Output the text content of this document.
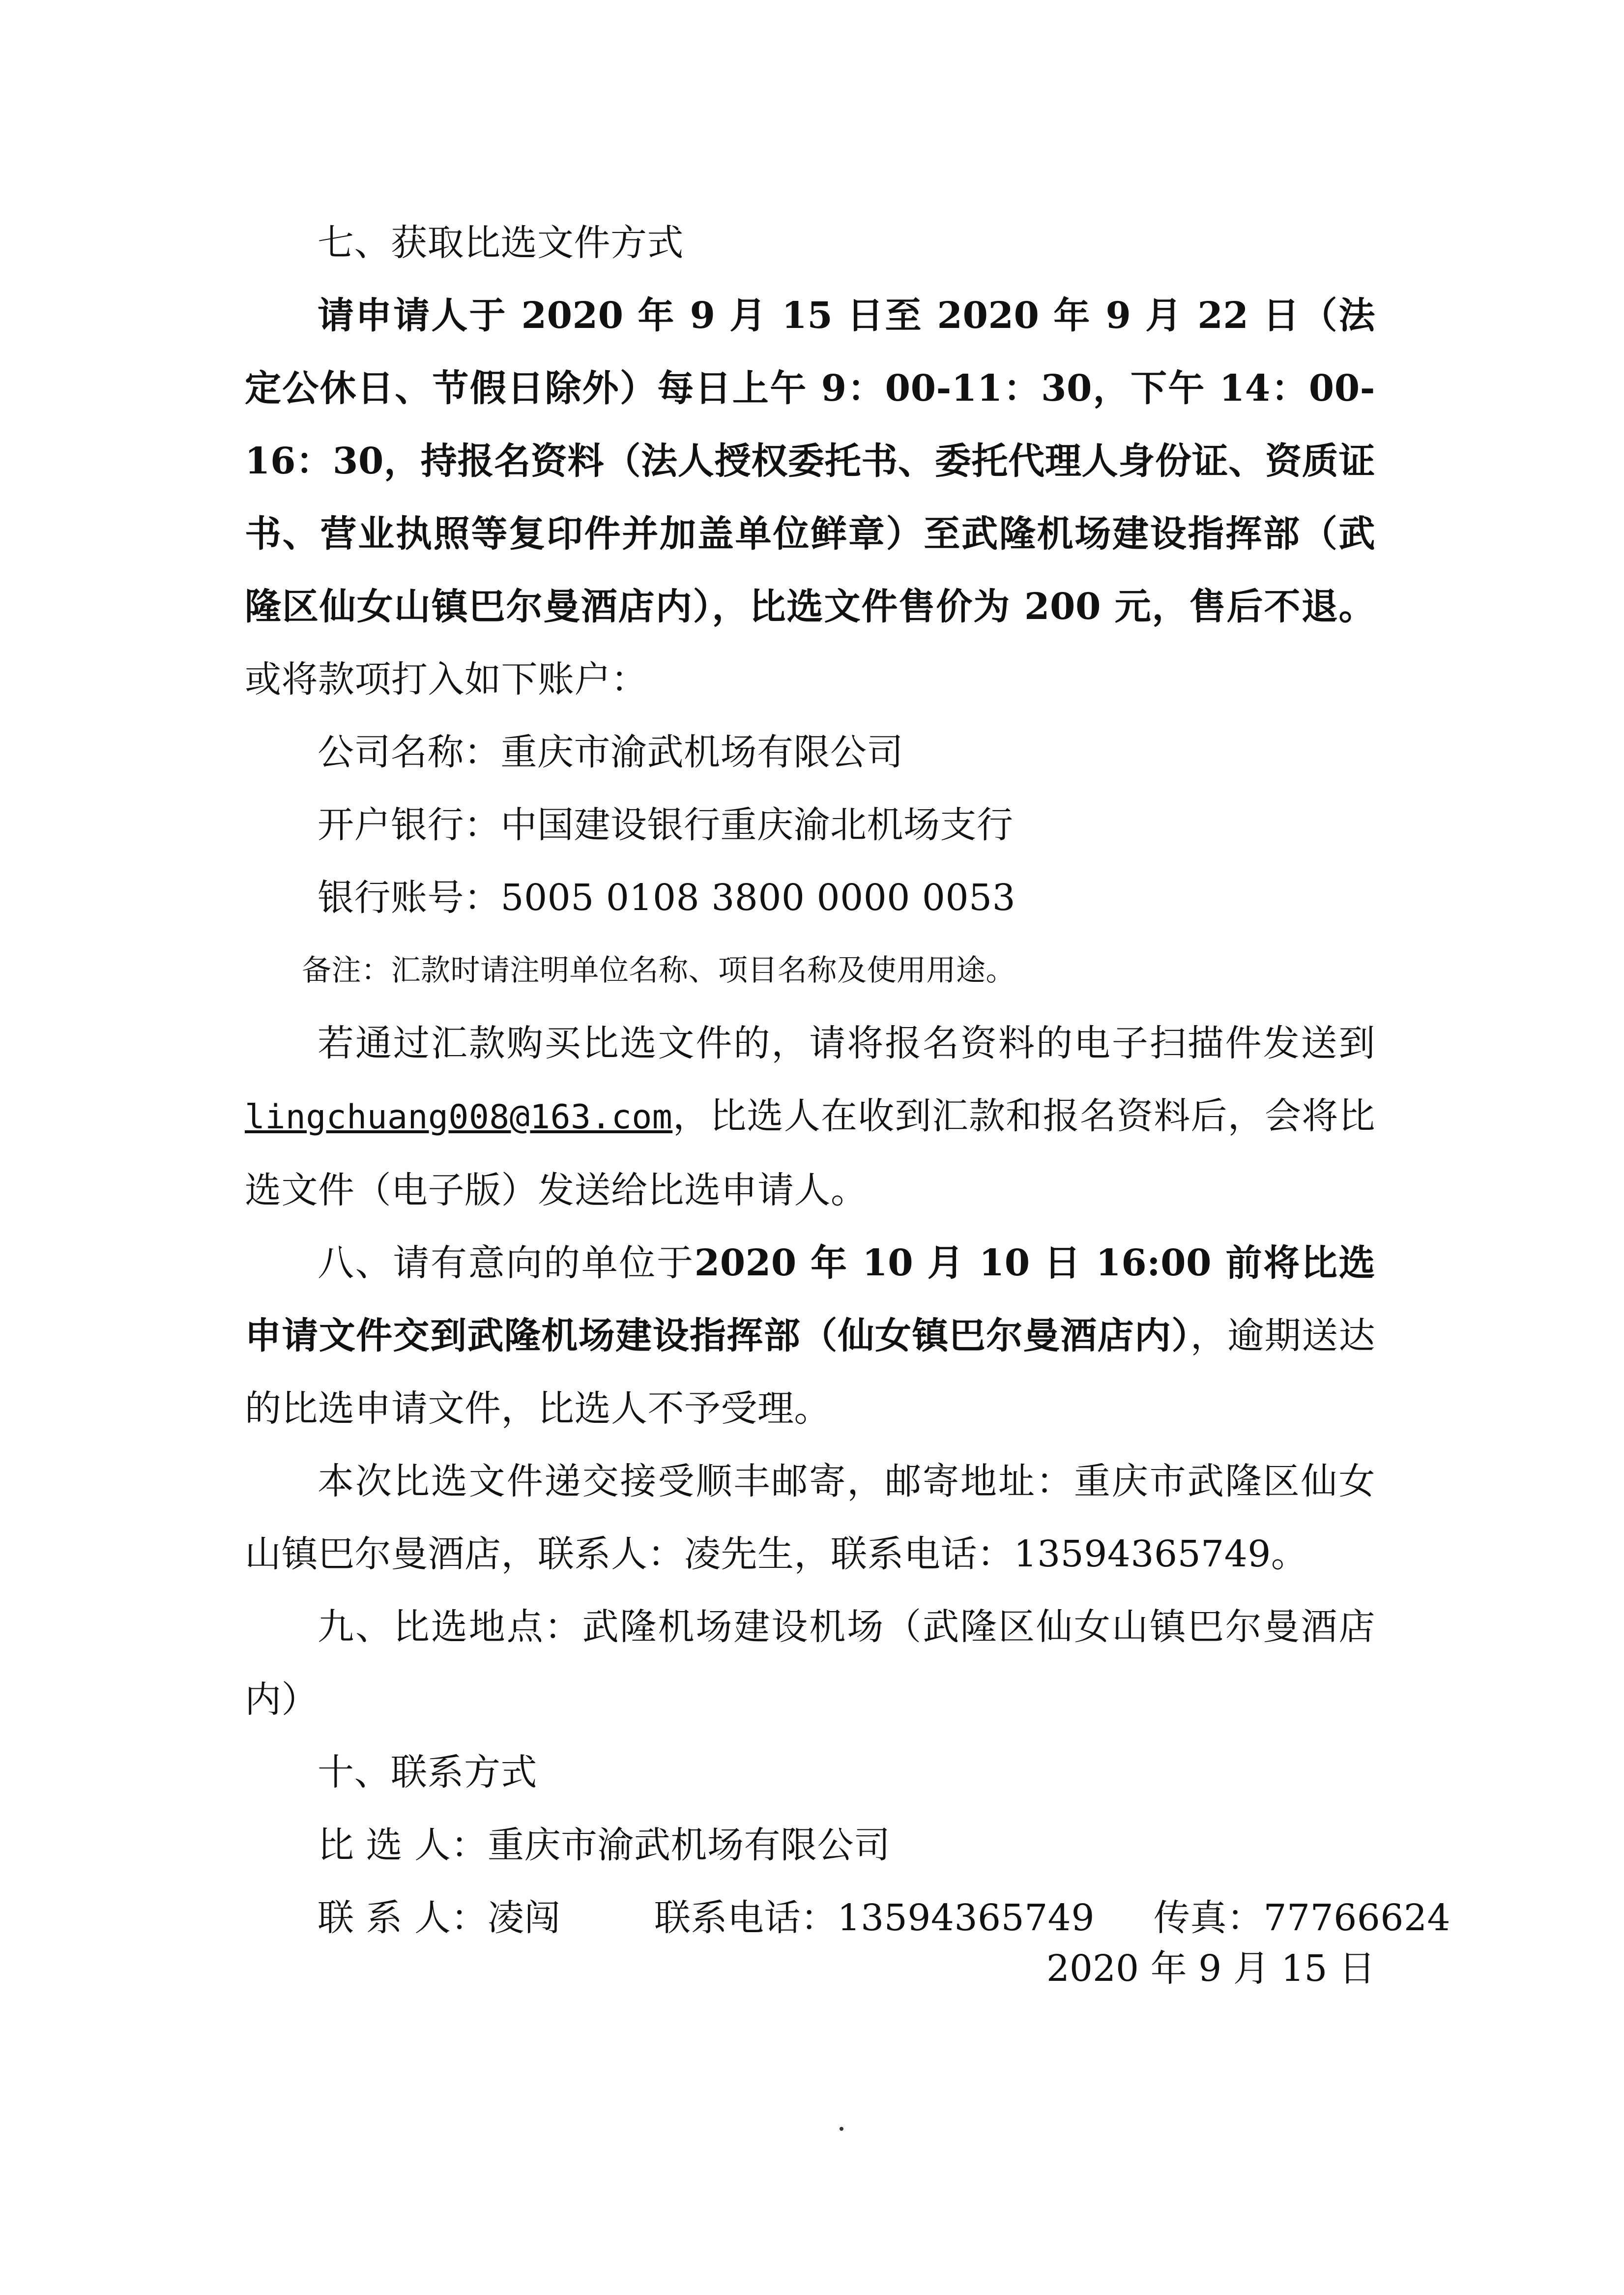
七、获取比选文件方式

请申请人于 2020 年 9 月 15 日至 2020 年 9 月 22 日（法定公休日、节假日除外）每日上午 9：00-11：30，下午 14：00-16：30，持报名资料（法人授权委托书、委托代理人身份证、资质证书、营业执照等复印件并加盖单位鲜章）至武隆机场建设指挥部（武隆区仙女山镇巴尔曼酒店内），比选文件售价为 200 元，售后不退。或将款项打入如下账户：

公司名称：重庆市渝武机场有限公司

开户银行：中国建设银行重庆渝北机场支行

银行账号：5005 0108 3800 0000 0053

备注：汇款时请注明单位名称、项目名称及使用用途。

若通过汇款购买比选文件的，请将报名资料的电子扫描件发送到lingchuang008@163.com，比选人在收到汇款和报名资料后，会将比选文件（电子版）发送给比选申请人。

八、请有意向的单位于2020 年 10 月 10 日 16:00 前将比选申请文件交到武隆机场建设指挥部（仙女镇巴尔曼酒店内），逾期送达的比选申请文件，比选人不予受理。

本次比选文件递交接受顺丰邮寄，邮寄地址：重庆市武隆区仙女山镇巴尔曼酒店，联系人：凌先生，联系电话：13594365749。

九、比选地点：武隆机场建设机场（武隆区仙女山镇巴尔曼酒店内）

十、联系方式

比 选 人：重庆市渝武机场有限公司

联 系 人：凌闯	联系电话：13594365749 传真：77766624

2020 年 9 月 15 日
